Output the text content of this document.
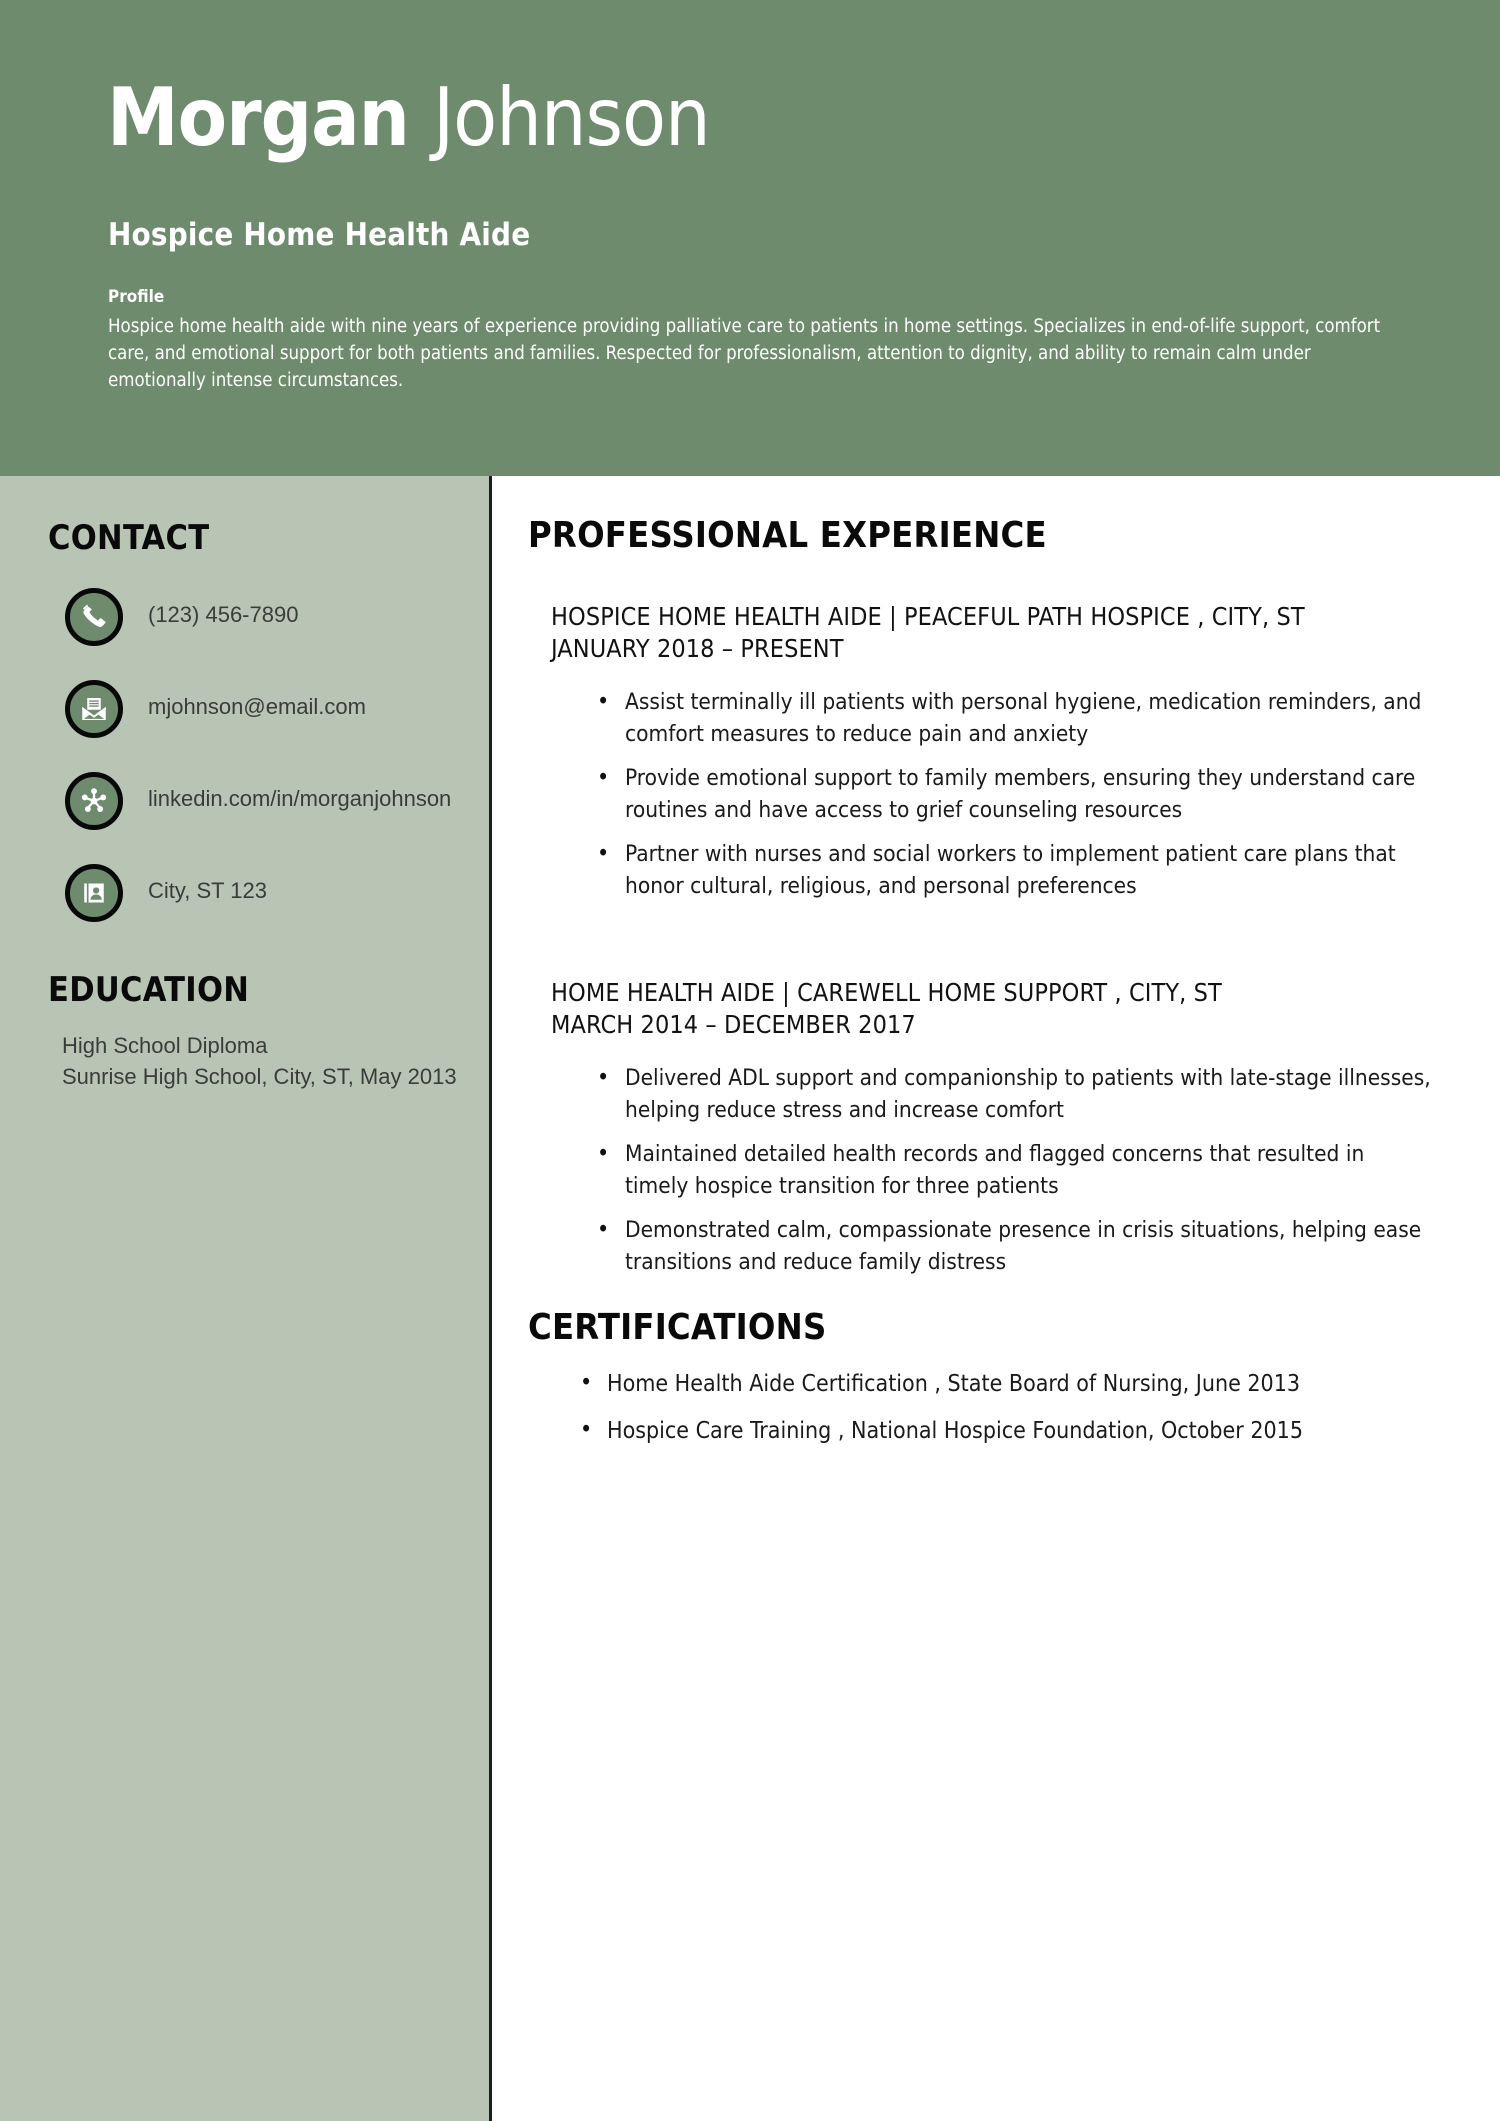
Morgan Johnson
Hospice Home Health Aide
Profile
Hospice home health aide with nine years of experience providing palliative care to patients in home settings. Specializes in end-of-life support, comfort care, and emotional support for both patients and families. Respected for professionalism, attention to dignity, and ability to remain calm under emotionally intense circumstances.
CONTACT
(123) 456-7890
mjohnson@email.com
linkedin.com/in/morganjohnson
City, ST 123
EDUCATION
High School Diploma
Sunrise High School, City, ST, May 2013
PROFESSIONAL EXPERIENCE
HOSPICE HOME HEALTH AIDE | PEACEFUL PATH HOSPICE , CITY, ST
JANUARY 2018 – PRESENT
• Assist terminally ill patients with personal hygiene, medication reminders, and comfort measures to reduce pain and anxiety
• Provide emotional support to family members, ensuring they understand care routines and have access to grief counseling resources
• Partner with nurses and social workers to implement patient care plans that honor cultural, religious, and personal preferences
HOME HEALTH AIDE | CAREWELL HOME SUPPORT , CITY, ST
MARCH 2014 – DECEMBER 2017
• Delivered ADL support and companionship to patients with late-stage illnesses, helping reduce stress and increase comfort
• Maintained detailed health records and flagged concerns that resulted in timely hospice transition for three patients
• Demonstrated calm, compassionate presence in crisis situations, helping ease transitions and reduce family distress
CERTIFICATIONS
• Home Health Aide Certification , State Board of Nursing, June 2013
• Hospice Care Training , National Hospice Foundation, October 2015
